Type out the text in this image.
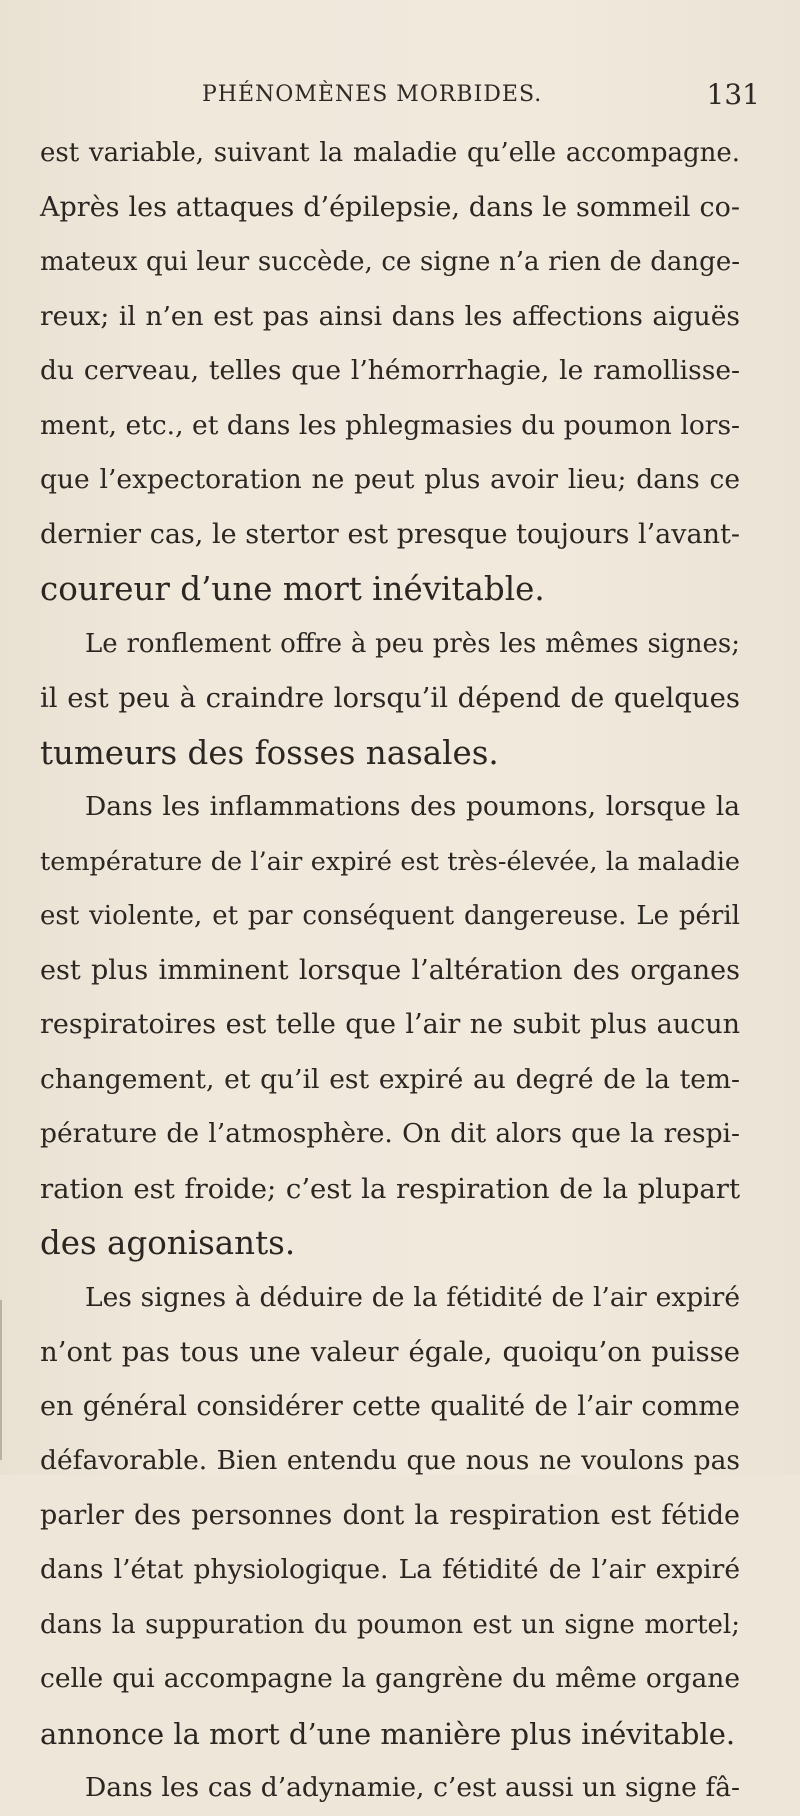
PHÉNOMÈNES MORBIDES.	131
est variable, suivant la maladie qu’elle accompagne.
Après les attaques d’épilepsie, dans le sommeil co-
mateux qui leur succède, ce signe n’a rien de dange-
reux; il n’en est pas ainsi dans les affections aiguës
du cerveau, telles que l’hémorrhagie, le ramollisse-
ment, etc., et dans les phlegmasies du poumon lors-
que l’expectoration ne peut plus avoir lieu; dans ce
dernier cas, le stertor est presque toujours l’avant-
coureur d’une mort inévitable.
Le ronflement offre à peu près les mêmes signes;
il est peu à craindre lorsqu’il dépend de quelques
tumeurs des fosses nasales.
Dans les inflammations des poumons, lorsque la
température de l’air expiré est très-élevée, la maladie
est violente, et par conséquent dangereuse. Le péril
est plus imminent lorsque l’altération des organes
respiratoires est telle que l’air ne subit plus aucun
changement, et qu’il est expiré au degré de la tem-
pérature de l’atmosphère. On dit alors que la respi-
ration est froide; c’est la respiration de la plupart
des agonisants.
Les signes à déduire de la fétidité de l’air expiré
n’ont pas tous une valeur égale, quoiqu’on puisse
en général considérer cette qualité de l’air comme
défavorable. Bien entendu que nous ne voulons pas
parler des personnes dont la respiration est fétide
dans l’état physiologique. La fétidité de l’air expiré
dans la suppuration du poumon est un signe mortel;
celle qui accompagne la gangrène du même organe
annonce la mort d’une manière plus inévitable.
Dans les cas d’adynamie, c’est aussi un signe fâ-
